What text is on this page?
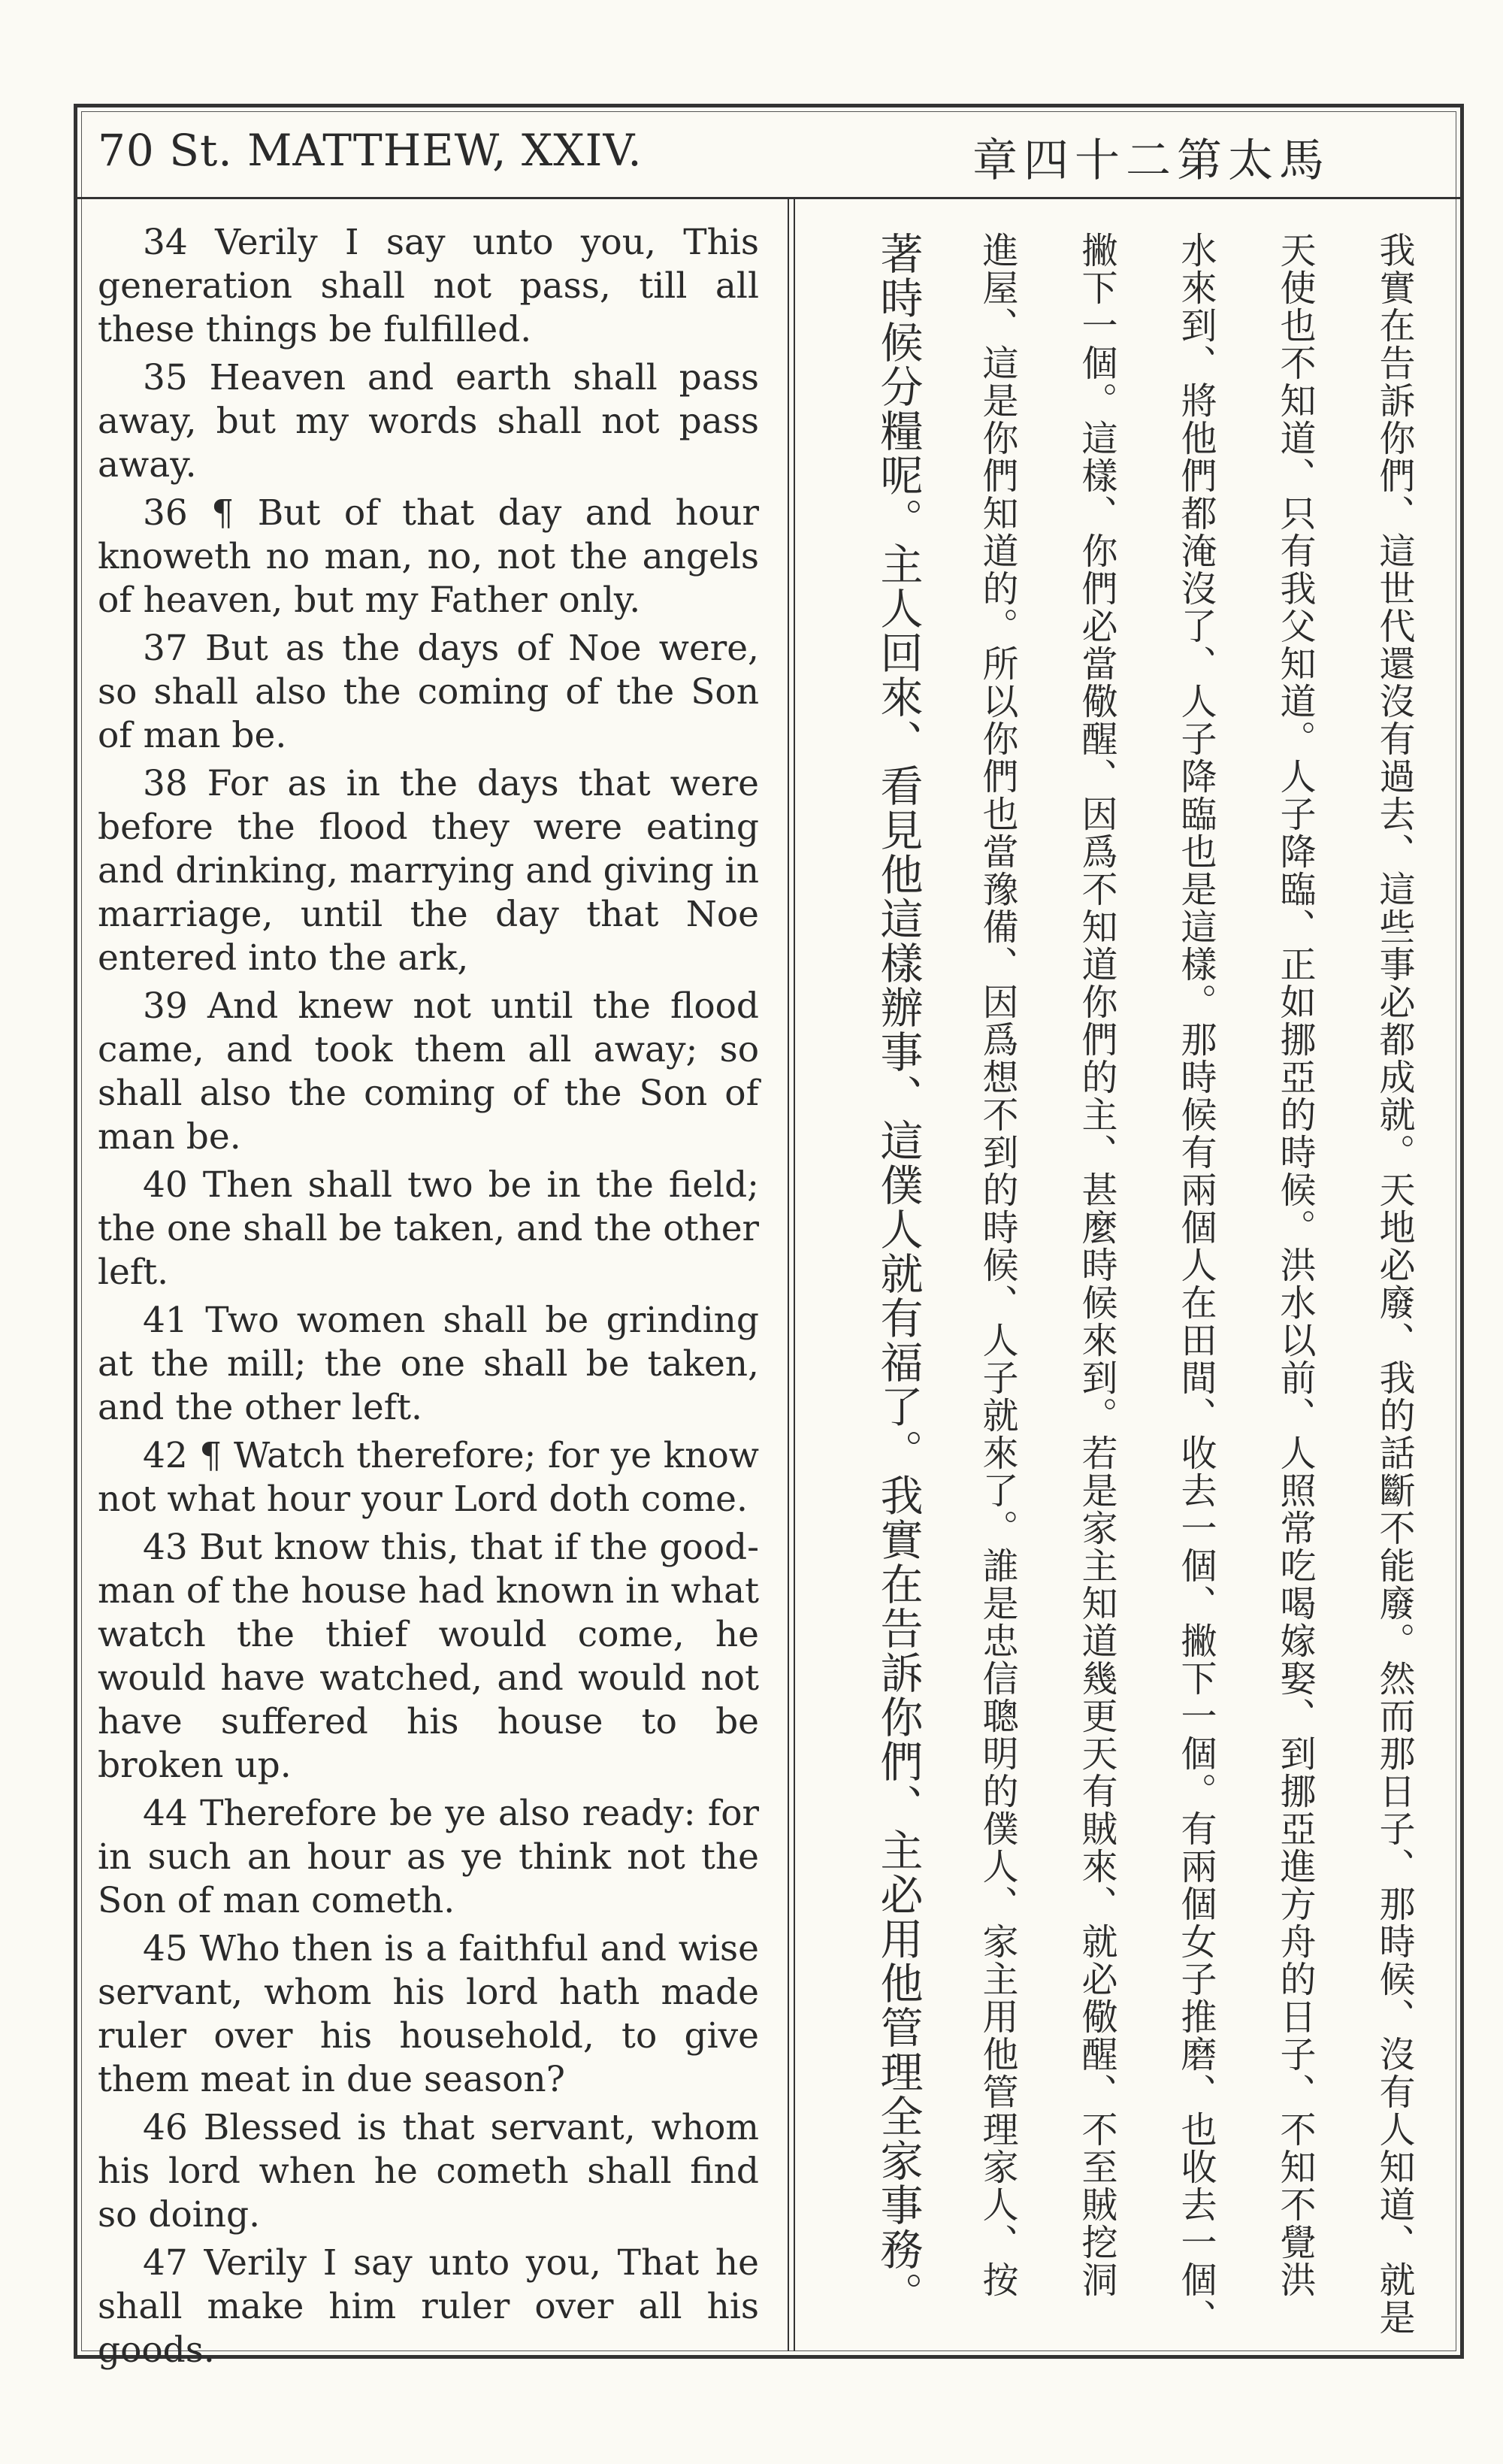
70 St. MATTHEW, XXIV.	馬太第二十四章

34 Verily I say unto you, This generation shall not pass, till all these things be fulfilled.

35 Heaven and earth shall pass away, but my words shall not pass away.

36 ¶ But of that day and hour knoweth no man, no, not the angels of heaven, but my Father only.

37 But as the days of Noe were, so shall also the coming of the Son of man be.

38 For as in the days that were before the flood they were eating and drinking, marrying and giving in marriage, until the day that Noe entered into the ark,

39 And knew not until the flood came, and took them all away; so shall also the coming of the Son of man be.

40 Then shall two be in the field; the one shall be taken, and the other left.

41 Two women shall be grinding at the mill; the one shall be taken, and the other left.

42 ¶ Watch therefore; for ye know not what hour your Lord doth come.

43 But know this, that if the good-man of the house had known in what watch the thief would come, he would have watched, and would not have suffered his house to be broken up.

44 Therefore be ye also ready: for in such an hour as ye think not the Son of man cometh.

45 Who then is a faithful and wise servant, whom his lord hath made ruler over his household, to give them meat in due season?

46 Blessed is that servant, whom his lord when he cometh shall find so doing.

47 Verily I say unto you, That he shall make him ruler over all his goods.

我實在告訴你們、這世代還沒有過去、這些事必都成就。天地必廢、我的話斷不能廢。然而那日子、那時候、沒有人知道、就是
天使也不知道、只有我父知道。人子降臨、正如挪亞的時候。洪水以前、人照常吃喝嫁娶、到挪亞進方舟的日子、不知不覺洪
水來到、將他們都淹沒了、人子降臨也是這樣。那時候有兩個人在田間、收去一個、撇下一個。有兩個女子推磨、也收去一個、
撇下一個。這樣、你們必當儆醒、因爲不知道你們的主、甚麼時候來到。若是家主知道幾更天有賊來、就必儆醒、不至賊挖洞
進屋、這是你們知道的。所以你們也當豫備、因爲想不到的時候、人子就來了。誰是忠信聰明的僕人、家主用他管理家人、按
著時候分糧呢。主人回來、看見他這樣辦事、這僕人就有福了。我實在告訴你們、主必用他管理全家事務。
